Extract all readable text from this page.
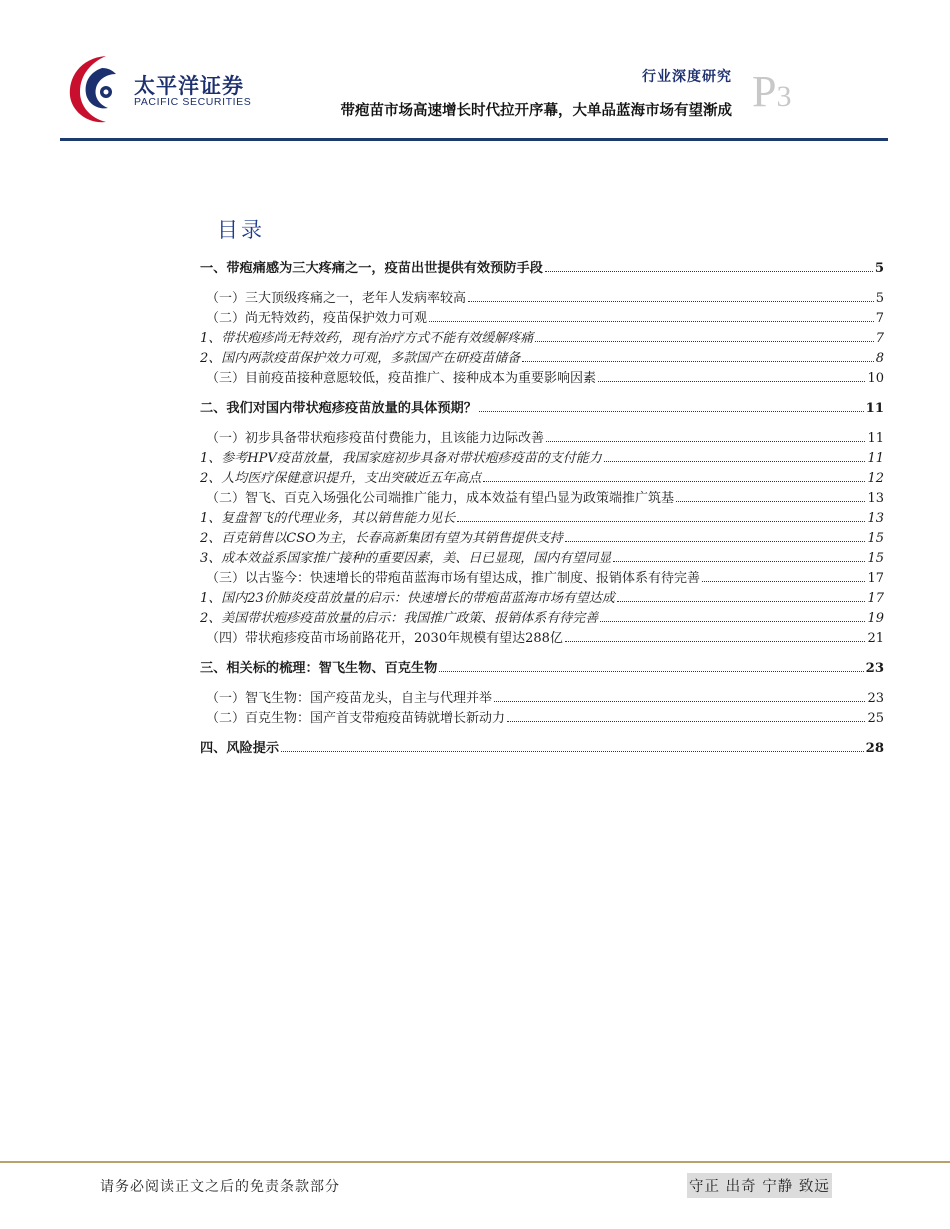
太平洋证券
PACIFIC SECURITIES
行业深度研究
带疱苗市场高速增长时代拉开序幕，大单品蓝海市场有望渐成 P3
目录
一、带疱痛感为三大疼痛之一，疫苗出世提供有效预防手段	5
（一）三大顶级疼痛之一，老年人发病率较高	5
（二）尚无特效药，疫苗保护效力可观	7
1、带状疱疹尚无特效药，现有治疗方式不能有效缓解疼痛	7
2、国内两款疫苗保护效力可观，多款国产在研疫苗储备	8
（三）目前疫苗接种意愿较低，疫苗推广、接种成本为重要影响因素	10
二、我们对国内带状疱疹疫苗放量的具体预期？	11
（一）初步具备带状疱疹疫苗付费能力，且该能力边际改善	11
1、参考HPV疫苗放量，我国家庭初步具备对带状疱疹疫苗的支付能力	11
2、人均医疗保健意识提升，支出突破近五年高点	12
（二）智飞、百克入场强化公司端推广能力，成本效益有望凸显为政策端推广筑基	13
1、复盘智飞的代理业务，其以销售能力见长	13
2、百克销售以CSO为主，长春高新集团有望为其销售提供支持	15
3、成本效益系国家推广接种的重要因素，美、日已显现，国内有望同显	15
（三）以古鉴今：快速增长的带疱苗蓝海市场有望达成，推广制度、报销体系有待完善	17
1、国内23价肺炎疫苗放量的启示：快速增长的带疱苗蓝海市场有望达成	17
2、美国带状疱疹疫苗放量的启示：我国推广政策、报销体系有待完善	19
（四）带状疱疹疫苗市场前路花开，2030年规模有望达288亿	21
三、相关标的梳理：智飞生物、百克生物	23
（一）智飞生物：国产疫苗龙头，自主与代理并举	23
（二）百克生物：国产首支带疱疫苗铸就增长新动力	25
四、风险提示	28
请务必阅读正文之后的免责条款部分	守正 出奇 宁静 致远
